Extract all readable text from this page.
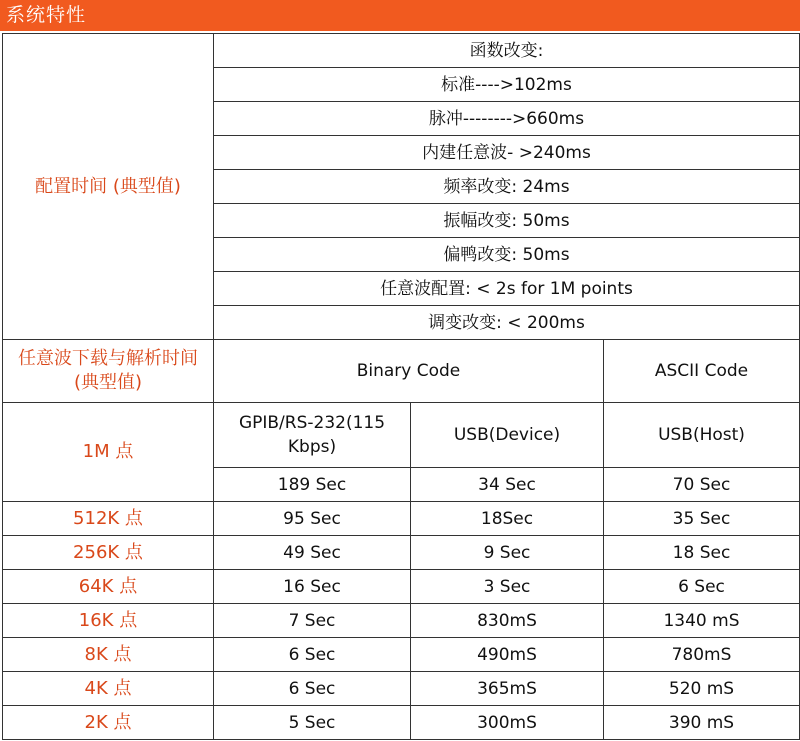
系统特性
配置时间 (典型值)	函数改变:		
	标准---->102ms		
	脉冲-------->660ms		
	内建任意波- >240ms		
	频率改变: 24ms		
	振幅改变: 50ms		
	偏鸭改变: 50ms		
	任意波配置: < 2s for 1M points		
	调变改变: < 200ms		
任意波下载与解析时间 (典型值)	Binary Code		ASCII Code
1M 点	GPIB/RS-232(115 Kbps)	USB(Device)	USB(Host)
	189 Sec	34 Sec	70 Sec
512K 点	95 Sec	18Sec	35 Sec
256K 点	49 Sec	9 Sec	18 Sec
64K 点	16 Sec	3 Sec	6 Sec
16K 点	7 Sec	830mS	1340 mS
8K 点	6 Sec	490mS	780mS
4K 点	6 Sec	365mS	520 mS
2K 点	5 Sec	300mS	390 mS
